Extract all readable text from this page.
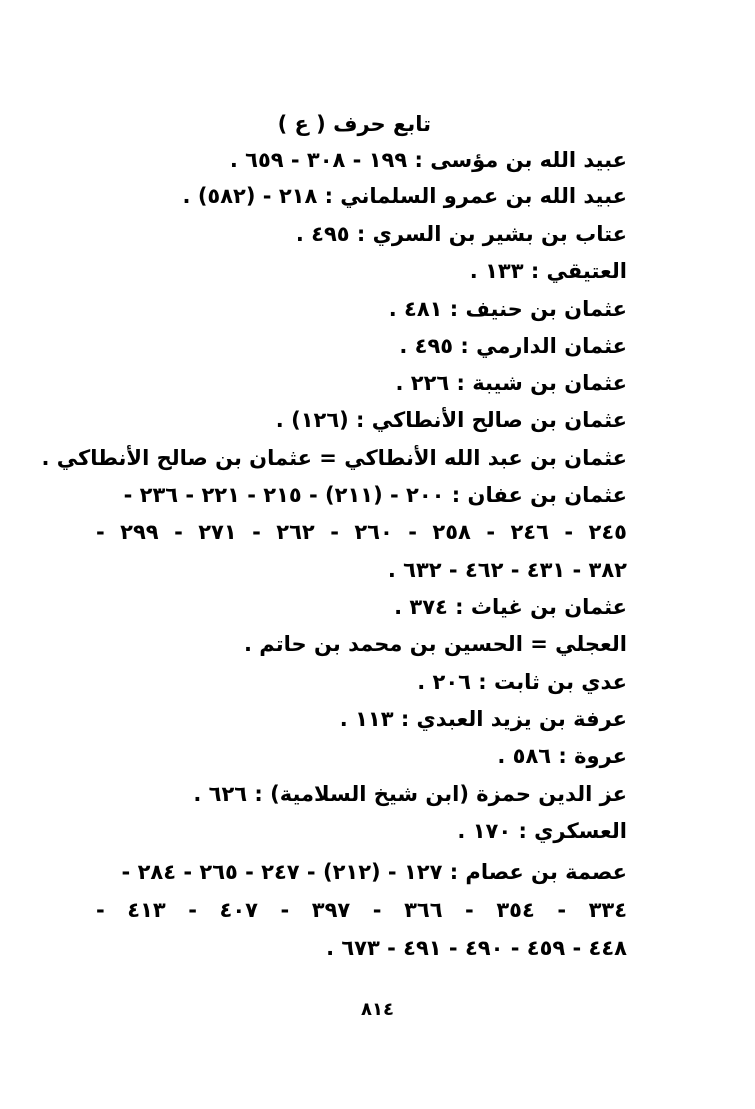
تابع حرف ( ع )
عبيد الله بن مؤسى : ١٩٩ - ٣٠٨ - ٦٥٩ .
عبيد الله بن عمرو السلماني : ٢١٨ - (٥٨٢) .
عتاب بن بشير بن السري : ٤٩٥ .
العتيقي : ١٣٣ .
عثمان بن حنيف : ٤٨١ .
عثمان الدارمي : ٤٩٥ .
عثمان بن شيبة : ٢٢٦ .
عثمان بن صالح الأنطاكي : (١٢٦) .
عثمان بن عبد الله الأنطاكي = عثمان بن صالح الأنطاكي .
عثمان بن عفان : ٢٠٠ - (٢١١) - ٢١٥ - ٢٢١ - ٢٣٦ -
٢٤٥ - ٢٤٦ - ٢٥٨ - ٢٦٠ - ٢٦٢ - ٢٧١ - ٢٩٩ -
٣٨٢ - ٤٣١ - ٤٦٢ - ٦٣٢ .
عثمان بن غياث : ٣٧٤ .
العجلي = الحسين بن محمد بن حاتم .
عدي بن ثابت : ٢٠٦ .
عرفة بن يزيد العبدي : ١١٣ .
عروة : ٥٨٦ .
عز الدين حمزة (ابن شيخ السلامية) : ٦٢٦ .
العسكري : ١٧٠ .
عصمة بن عصام : ١٢٧ - (٢١٢) - ٢٤٧ - ٢٦٥ - ٢٨٤ -
٣٣٤ - ٣٥٤ - ٣٦٦ - ٣٩٧ - ٤٠٧ - ٤١٣ -
٤٤٨ - ٤٥٩ - ٤٩٠ - ٤٩١ - ٦٧٣ .
٨١٤
